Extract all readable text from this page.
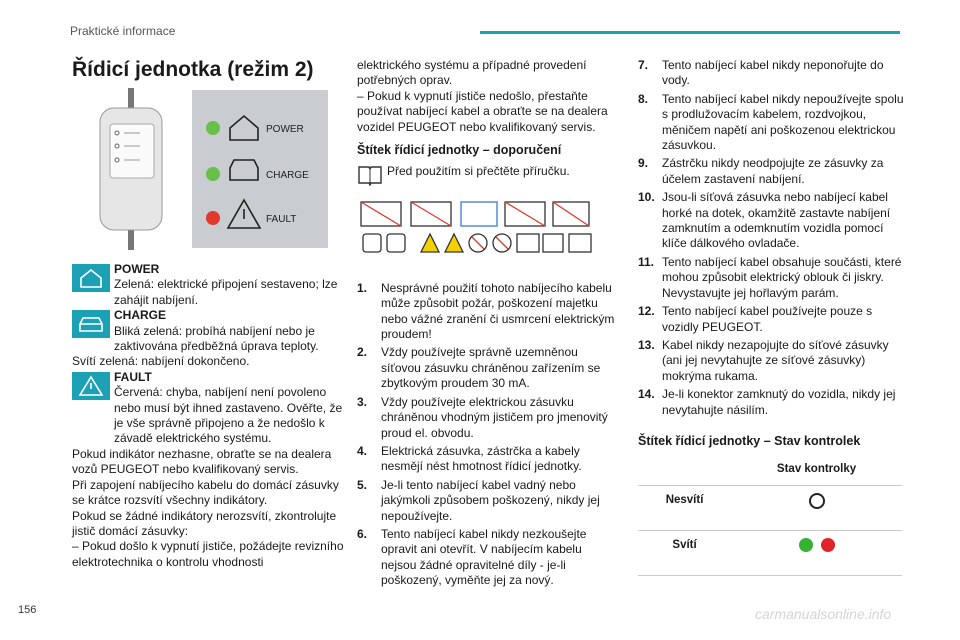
Praktické informace
Řídicí jednotka (režim 2)
POWER
CHARGE
FAULT

POWER

Zelená: elektrické připojení sestaveno; lze zahájit nabíjení.

CHARGE

Bliká zelená: probíhá nabíjení nebo je zaktivována předběžná úprava teploty.

Svítí zelená: nabíjení dokončeno.

FAULT

Červená: chyba, nabíjení není povoleno nebo musí být ihned zastaveno. Ověřte, že je vše správně připojeno a že nedošlo k závadě elektrického systému.

Pokud indikátor nezhasne, obraťte se na dealera vozů PEUGEOT nebo kvalifikovaný servis.

Při zapojení nabíjecího kabelu do domácí zásuvky se krátce rozsvítí všechny indikátory.

Pokud se žádné indikátory nerozsvítí, zkontrolujte jistič domácí zásuvky:

– Pokud došlo k vypnutí jističe, požádejte revizního elektrotechnika o kontrolu vhodnosti

elektrického systému a případné provedení potřebných oprav.

– Pokud k vypnutí jističe nedošlo, přestaňte používat nabíjecí kabel a obraťte se na dealera vozidel PEUGEOT nebo kvalifikovaný servis.

Štítek řídicí jednotky – doporučení
Před použitím si přečtěte příručku.
1. Nesprávné použití tohoto nabíjecího kabelu může způsobit požár, poškození majetku nebo vážné zranění či usmrcení elektrickým proudem!
2. Vždy používejte správně uzemněnou síťovou zásuvku chráněnou zařízením se zbytkovým proudem 30 mA.
3. Vždy používejte elektrickou zásuvku chráněnou vhodným jističem pro jmenovitý proud el. obvodu.
4. Elektrická zásuvka, zástrčka a kabely nesmějí nést hmotnost řídicí jednotky.
5. Je-li tento nabíjecí kabel vadný nebo jakýmkoli způsobem poškozený, nikdy jej nepoužívejte.
6. Tento nabíjecí kabel nikdy nezkoušejte opravit ani otevřít. V nabíjecím kabelu nejsou žádné opravitelné díly - je-li poškozený, vyměňte jej za nový.
7. Tento nabíjecí kabel nikdy neponořujte do vody.
8. Tento nabíjecí kabel nikdy nepoužívejte spolu s prodlužovacím kabelem, rozdvojkou, měničem napětí ani poškozenou elektrickou zásuvkou.
9. Zástrčku nikdy neodpojujte ze zásuvky za účelem zastavení nabíjení.
10. Jsou-li síťová zásuvka nebo nabíjecí kabel horké na dotek, okamžitě zastavte nabíjení zamknutím a odemknutím vozidla pomocí klíče dálkového ovladače.
11. Tento nabíjecí kabel obsahuje součásti, které mohou způsobit elektrický oblouk či jiskry. Nevystavujte jej hořlavým parám.
12. Tento nabíjecí kabel používejte pouze s vozidly PEUGEOT.
13. Kabel nikdy nezapojujte do síťové zásuvky (ani jej nevytahujte ze síťové zásuvky) mokrýma rukama.
14. Je-li konektor zamknutý do vozidla, nikdy jej nevytahujte násilím.
Štítek řídicí jednotky – Stav kontrolek
	Stav kontrolky
Nesvítí	
Svítí	
156	carmanualsonline.info
